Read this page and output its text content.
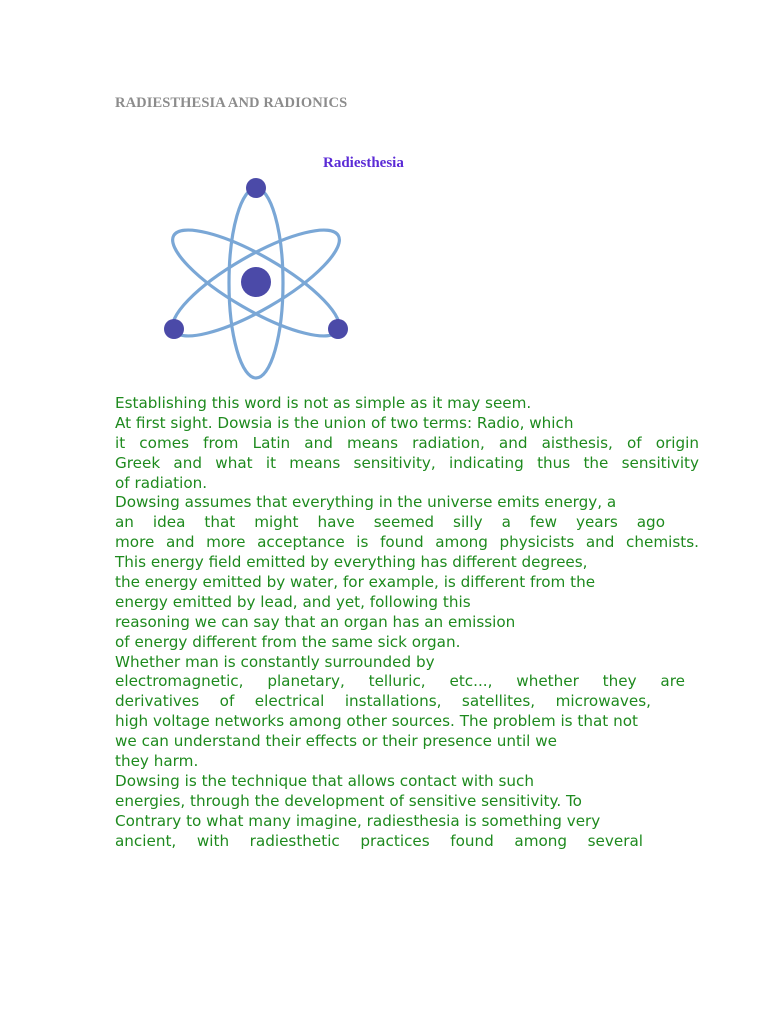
RADIESTHESIA AND RADIONICS
Radiesthesia
Establishing this word is not as simple as it may seem.
At first sight. Dowsia is the union of two terms: Radio, which
it comes from Latin and means radiation, and aisthesis, of origin
Greek and what it means sensitivity, indicating thus the sensitivity
of radiation.
Dowsing assumes that everything in the universe emits energy, a
an idea that might have seemed silly a few years ago
more and more acceptance is found among physicists and chemists.
This energy field emitted by everything has different degrees,
the energy emitted by water, for example, is different from the
energy emitted by lead, and yet, following this
reasoning we can say that an organ has an emission
of energy different from the same sick organ.
Whether man is constantly surrounded by
electromagnetic, planetary, telluric, etc..., whether they are
derivatives of electrical installations, satellites, microwaves,
high voltage networks among other sources. The problem is that not
we can understand their effects or their presence until we
they harm.
Dowsing is the technique that allows contact with such
energies, through the development of sensitive sensitivity. To
Contrary to what many imagine, radiesthesia is something very
ancient, with radiesthetic practices found among several
